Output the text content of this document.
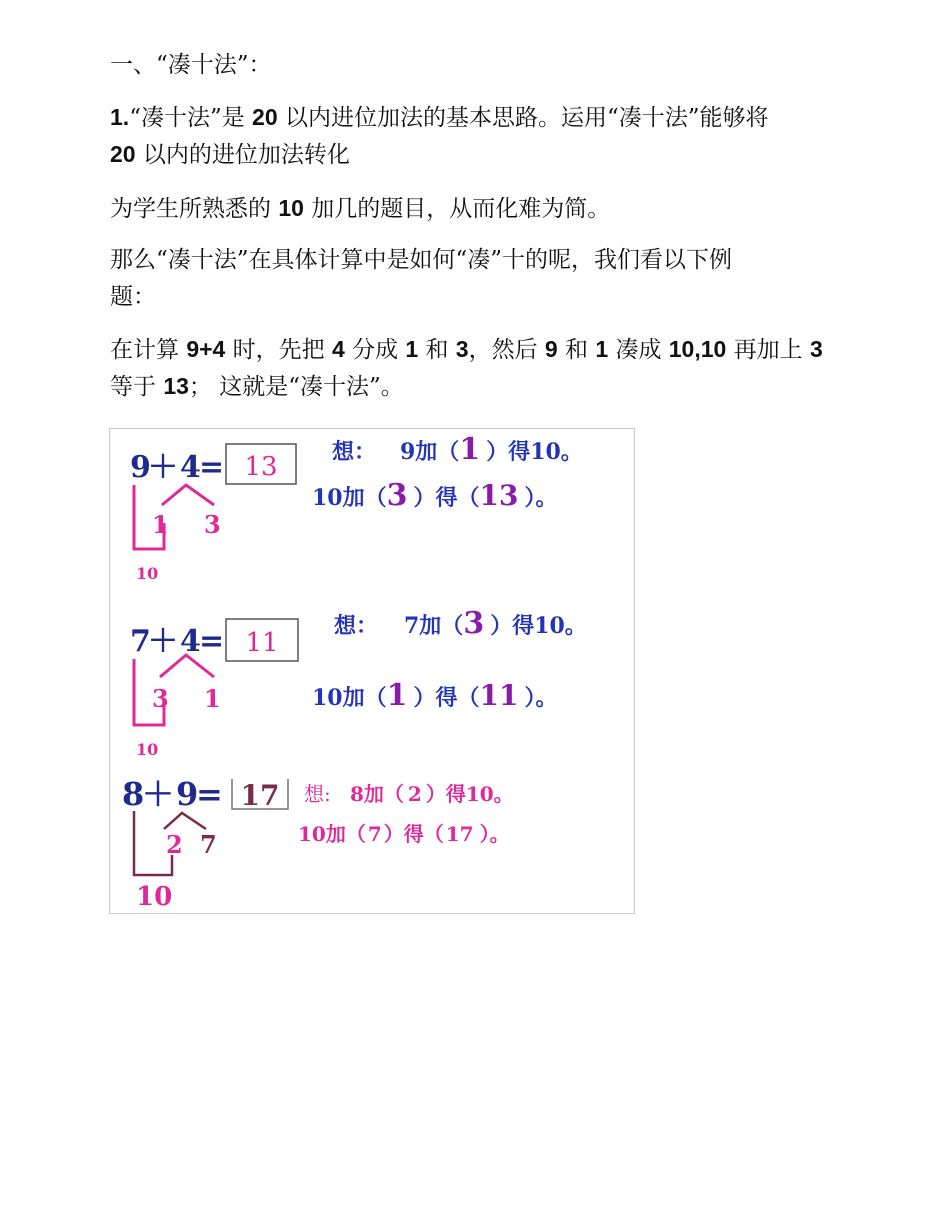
一、“凑十法”：
1.“凑十法”是 20 以内进位加法的基本思路。运用“凑十法”能够将
20 以内的进位加法转化
为学生所熟悉的 10 加几的题目，从而化难为简。
那么“凑十法”在具体计算中是如何“凑”十的呢，我们看以下例
题：
在计算 9+4 时，先把 4 分成 1 和 3，然后 9 和 1 凑成 10,10 再加上 3
等于 13； 这就是“凑十法”。
9
＋ 4
= 13
1 3
10
想： 9加（1 ）得10。
10加（3 ）得（13 ）。
7
＋ 4
= 11
3 1
10
想： 7加（3 ）得10。
10加（1 ）得（11 ）。
8
＋ 9
= 17
2 7
10
想: 8加（ 2 ）得10。
10加（ 7 ）得（ 17 ）。
